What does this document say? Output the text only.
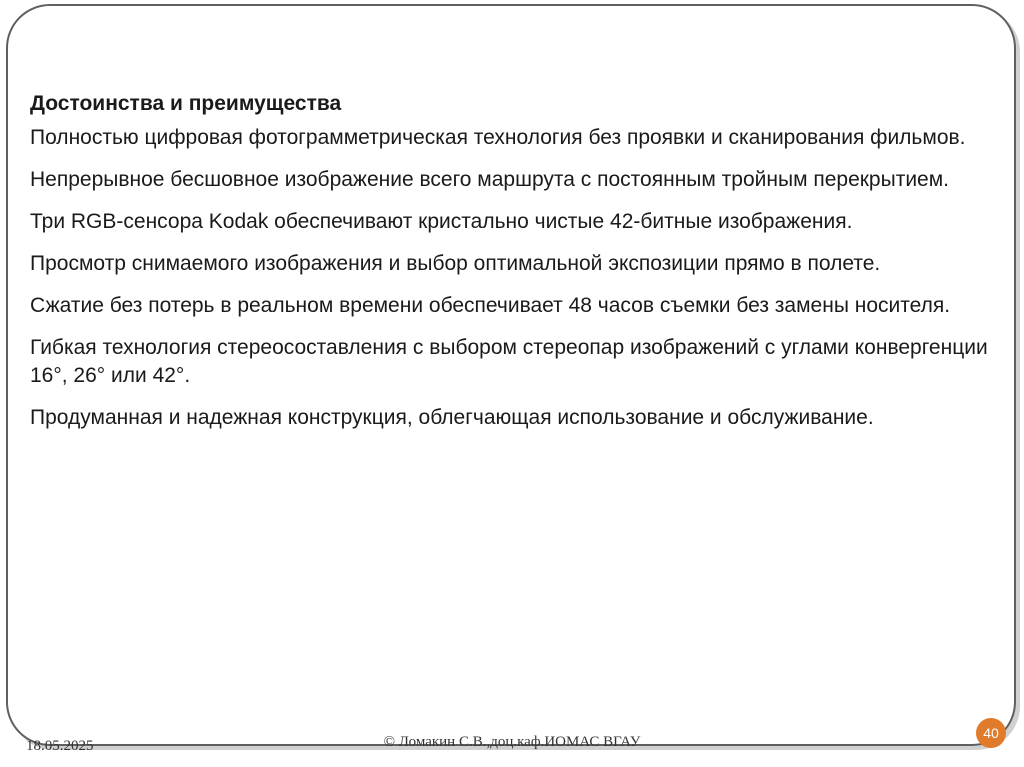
Достоинства и преимущества
Полностью цифровая фотограмметрическая технология без проявки и сканирования фильмов.
Непрерывное бесшовное изображение всего маршрута с постоянным тройным перекрытием.
Три RGB-сенсора Kodak обеспечивают кристально чистые 42-битные изображения.
Просмотр снимаемого изображения и выбор оптимальной экспозиции прямо в полете.
Сжатие без потерь в реальном времени обеспечивает 48 часов съемки без замены носителя.
Гибкая технология стереосоставления с выбором стереопар изображений с углами конвергенции 16°, 26° или 42°.
Продуманная и надежная конструкция, облегчающая использование и обслуживание.
18.05.2025	© Ломакин С.В.,доц.каф.ИОМАС ВГАУ
40
